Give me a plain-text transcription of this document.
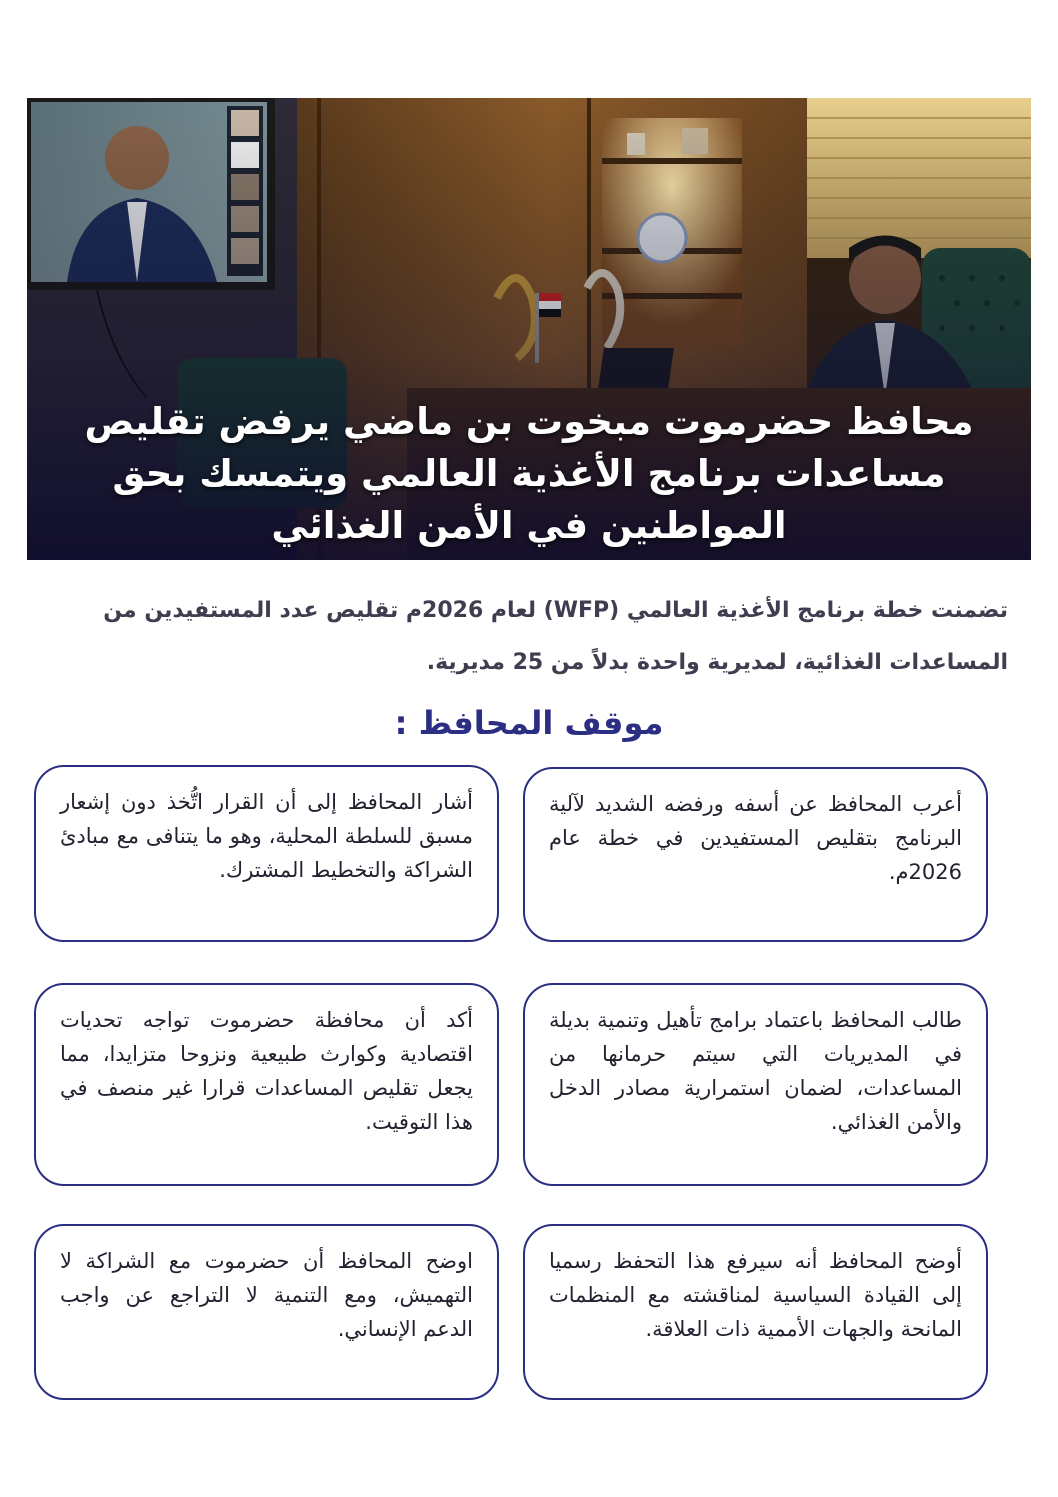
محافظ حضرموت مبخوت بن ماضي يرفض تقليص مساعدات برنامج الأغذية العالمي ويتمسك بحق المواطنين في الأمن الغذائي

تضمنت خطة برنامج الأغذية العالمي (WFP) لعام 2026م تقليص عدد المستفيدين من المساعدات الغذائية، لمديرية واحدة بدلاً من 25 مديرية.

موقف المحافظ :

أعرب المحافظ عن أسفه ورفضه الشديد لآلية البرنامج بتقليص المستفيدين في خطة عام 2026م.

أشار المحافظ إلى أن القرار اتُّخذ دون إشعار مسبق للسلطة المحلية، وهو ما يتنافى مع مبادئ الشراكة والتخطيط المشترك.

طالب المحافظ باعتماد برامج تأهيل وتنمية بديلة في المديريات التي سيتم حرمانها من المساعدات، لضمان استمرارية مصادر الدخل والأمن الغذائي.

أكد أن محافظة حضرموت تواجه تحديات اقتصادية وكوارث طبيعية ونزوحا متزايدا، مما يجعل تقليص المساعدات قرارا غير منصف في هذا التوقيت.

أوضح المحافظ أنه سيرفع هذا التحفظ رسميا إلى القيادة السياسية لمناقشته مع المنظمات المانحة والجهات الأممية ذات العلاقة.

اوضح المحافظ أن حضرموت مع الشراكة لا التهميش، ومع التنمية لا التراجع عن واجب الدعم الإنساني.
